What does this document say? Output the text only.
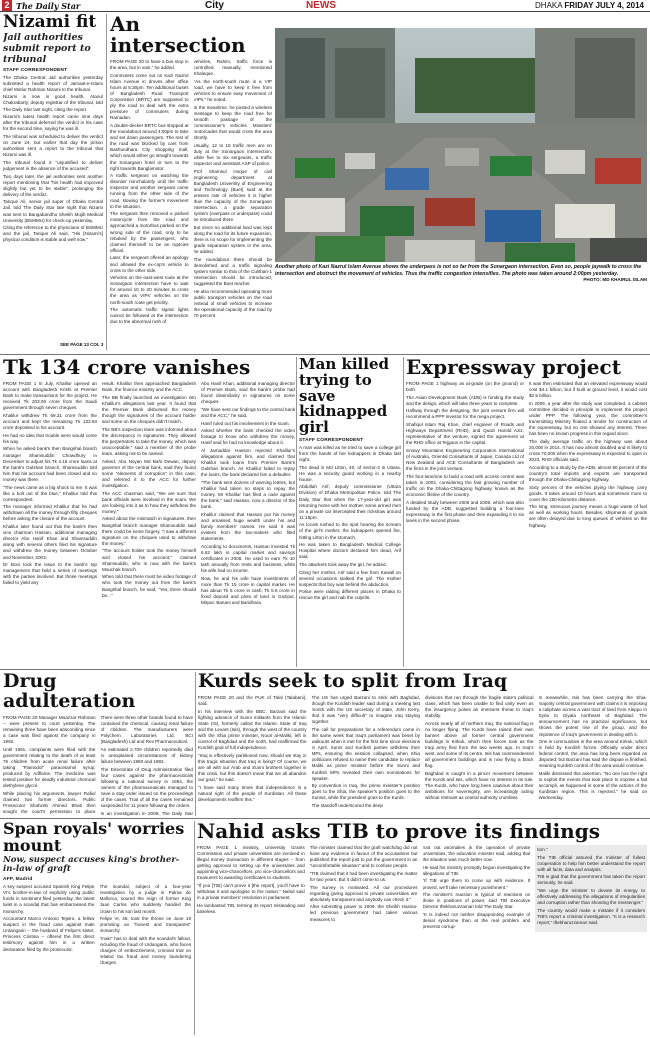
2 The Daily Star	City	NEWS	DHAKA FRIDAY JULY 4, 2014
Nizami fit
Jail authorities submit report to tribunal
STAFF CORRESPONDENT

The Dhaka Central Jail authorities yesterday submitted a health report of Jamaat-e-Islami chief Motiur Rahman Nizami to the tribunal.

Nizami is now in good health, Atanul Chakrabarty, deputy registrar of the tribunal, told The Daily Star last night, citing the report.

Nizami's latest health report came nine days after the tribunal deferred the verdict in his case for the second time, saying he was ill.

The tribunal was scheduled to deliver the verdict on June 24, but earlier that day the prison authorities sent a report to the tribunal that Nizami was ill.

The tribunal found it "unjustified to deliver judgement in the absence of the accused".

Two days later, the jail authorities sent another report mentioning that "his health had improved slightly but yet to be stable", prolonging the delivery of the verdict.

Tarique Ali, senior jail super of Dhaka Central Jail, told The Daily Star late night that Nizami was sent to Bangabandhu Sheikh Mujib Medical University (BSMMU) for check-up yesterday.

Citing the reference to the physicians of BSMMU and the jail, Tarique Ali said, "His [Nizami's] physical condition is stable and well now."

SEE PAGE 13 COL 3
An intersection

FROM PAGE 20 to have a bus stop in the area, but in vain," he added.

Commuters come out on Kazi Nazrul Islam Avenue in droves after office hours at 5:30pm. Ten additional buses of Bangladesh Road Transport Corporation (BRTC) are supposed to ply the road to deal with the extra pressure of commuters during Ramadan.

A double-decker BRTC bus stopped at the roundabout around 4:00pm to take and set down passengers. The rest of the road was blocked by cars from Bashundhara City shopping mall, which would either go straight towards the Sonargaon hotel or turn to the right towards Banglamotor.

A traffic sergeant on watching the disorder nonchalantly until the traffic inspector and another sergeant came running from the other side of the road, slowing the former's movement to the situation.

The sergeant then removed a parked motorcycle from the road and approached a motorbus parked on the wrong side of the road, only to be rebuked by the passengers, who claimed themself to be an ruptcies official.

Later, the sergeant offered an apology and allowed the ex-cop's vehicle to cross to the other side.

Vehicles on the east-west route at the Sonargaon intersection have to wait for around 10 to 20 minutes to cross the area as VIPs' vehicles on the north-south route get priority.

The automatic traffic signal lights cannot be followed at the intersection due to the abnormal rush of

vehicles, Rahim, traffic force is controlled manually, mentioned Khaleque.

"As the north-south route is a VIP road, we have to keep it free from vehicles to ensure easy movement of VIPs," he noted.

In the meantime, he posted a wireless message to keep the road free for smooth passage of the commissioner's vehicles. Ministers' motorcades that would cross the area shortly.

Usually, 12 to 15 traffic men are on duty at the Sonargaon intersection, while five to six sergeants, a traffic inspector and assistant ASP of police.

Prof Shamsul Hoque of civil engineering department at Bangladesh University of Engineering and Technology (Buet) said at the present rate of vehicles it is higher than the capacity of the Sonargaon intersection, a grade separation system (overpass or underpass) could be introduced there.

But since no additional land was kept along the road for its future expansion, there is no scope for implementing the grade separation system in the area, he added.

The roundabout there should be demolished and a traffic signaling system similar to that of the Culshan-1 intersection should be introduced, suggested the Buet teacher.

He also recommended operating more public transport vehicles on the road instead of small vehicles to increase the operational capacity of the road by 70 percent.

Another photo of Kazi Nazrul Islam Avenue shows the underpass is not so far from the Sonargaon intersection. Even so, people jaywalk to cross the intersection and obstruct the movement of vehicles. Thus the traffic congestion intensifies. The photo was taken around 2:00pm yesterday.
PHOTO: MD KHAIRUL ISLAM
Tk 134 crore vanishes

FROM PAGE 1 In July, Khalilur opened an account with Bangladesh Krishi at Premier Bank to make transactions for the project. He received Tk 203.06 crore from the Saudi government through seven cheques.

Khalilur withdrew Tk 69.31 crore from the account and kept the remaining Tk 133.93 crore deposited in his account.

He had no idea that trouble were would come his way.

When he asked bank's then Bangshal branch manager Shamsuddin Chowdhury in December to adjust his Tk 4.15 crore loans at the bank's Gulshan branch, Shamsuddin told him that his account had been closed and no money was there.

"The news came as a big shock to me. It was like a bolt out of the blue," Khalilur told this correspondent.

The manager informed Khalilur that he had withdrawn all the money through fifty cheques before asking the closure of the account.

Khalilur later found out that the bank's then vice chairman Hassan, additional managing director Abu Hanif Khan and Shamsuddin along with several others filed his signature and withdrew the money between October and November, 2003.

Dr Boni took the issue to the bank's top management that held a series of meetings with the parties involved. But those meetings failed to yield any

result. Khalilur then approached Bangladesh Bank, the finance ministry and the ACC.

The BB finally launched an investigation into Khalilur's allegations last year. It found that the Premier Bank disbursed the money though the signatures of the account holder and some on the cheques didn't match.

The BB's inspection team was informed about the discrepancy in signatures. They allowed the perpetrators to take the money, which was unacceptable," said a member of the probe team, asking not to be named.

Asked, Abu Noyan Md Bahi Dewan, deputy governor of the central bank, said they found some "elements of corruption" in this case, and referred it to the ACC for further investigation.

The ACC chairman said, "We are sure that bank officials were involved in the scam. We are looking into it as to how they withdrew the money."

Asked about the mismatch in signatures, then Bangshal branch manager Shamsuddin said there could be some forgery. "I saw a different signature on the cheques used to withdraw the money."

"The account holder took the money himself and closed his account," claimed Shamsuddin, who is now with the bank's Mouchak branch.

When told that there must be video footage of who took the money out from the bank's Bangshal branch, he said, "Yes, there should be..."

Abu Hanif Khan, additional managing director of Premier Bank, said the bank's probe had found dissimilarity in signatures on some cheques.

"We have sent our findings to the central bank and the ACC," he said.

Hanif ruled out his involvement in the scam.

Asked whether the bank checked the video footage to know who withdrew the money, Hanif said he had no knowledge about it.

Al Jamaddar Hasson rejected Khalilur's allegations against him, and claimed that Khalilur took loans from Premier Bank's Gulshan branch. As Khalilur failed to repay the loans, the bank declared him a defaulter.

"The bank sent dozens of warning letters, but Khalilur had taken no steps to repay the money. Mr Khalilur has filed a case against the bank," said Hassan, now a director of the bank.

Khalilur claimed that Hassan put his money and amassed huge wealth under his and family members' names. He said it was evident from the tax-makers who filed statements.

According to documents, Hassan invested Tk 6.62 lakh in capital market and savings certificates in 2008. He used to earn Tk 10 lakh annually from rents and business, while his wife had no income.

Now, he and his wife have investments of more than Tk 15 crore in capital market. He has about Tk 5 crore in cash, Tk 5.6 crore in fixed deposit and plots of land in Gazipur, Mirpur, Banani and Baridhara.

Man killed trying to save kidnapped girl
STAFF CORRESPONDENT

A man was killed as he tried to save a college girl from the hands of her kidnappers in Dhaka last night.

The dead is Md Litton, 40, of sector-3 in Uttara. He was a security guard working in a nearby house.

Abdullah Arif, deputy commissioner (Uttara Division) of Dhaka Metropolitan Police, told The Daily Star that when the 17-year-old girl was returning home with her mother, some armed men on a private car intercepted their rickshaw around 11:15pm.

As locals rushed to the spot hearing the scream of the girl's mother, the kidnappers opened fire, hitting Litton in the stomach.

He was taken to Bangladesh Medical College Hospital where doctors declared him dead, Arif said.

The attackers took away the girl, he added.

Citing her mother, Arif said a few from Kawall on several occasions stalked the girl. The mother suspects that boy was behind the abduction.

Police were raiding different places in Dhaka to rescue the girl and nab the culprits.

Expressway project

FROM PAGE 1 highway as at-grade (on the ground) or both.

The Asian Development Bank (ADB) is funding the study and the design, which will take three years to complete.

Halfway through the designing, the joint venture firm will recommend a PPP investor for the mega project.

Shafiqul Islam Raj Khan, chief engineer of Roads and Highways Department (RHD), and Quazi Harold Aziz, representative of the venture, signed the agreement at the RHD office at Tejgaon in the capital.

Snowy Mountains Engineering Corporation International of Australia, Oriental Consultants of Japan, Canada Ltd of New Zealand and ACE Consultants of Bangladesh are the firms in the joint venture.

The four-lane/one to build a road with access control was taken in 2004, considering the fast growing number of traffic on the Dhaka-Chittagong highway, known as the economic lifeline of the country.

A detailed study between 2006 and 2008, which was also funded by the ADB, suggested building a four-lane expressway in the first phase and then expanding it to six lanes in the second phase.

It was then estimated that an elevated expressway would cost $4.1 billion, but if built at ground level, it would cost $2.5 billion.

In 2009, a year after the study was completed, a cabinet committee decided in principle to implement the project under PPP. The following year, the committee's transmitting Ministry floated a tender for construction of the expressway, but no one showed any interest. There has been no known progress in this regard since.

The daily average traffic on the highway was about 20,000 in 2014. It has now almost doubled and is likely to cross 70,000 when the expressway is expected to open in 2023, RHD officials said.

According to a study by the ADB, almost 90 percent of the country's total imports and exports are transported through the Dhaka-Chittagong highway.

Sixty percent of the vehicles plying the highway carry goods. It takes around 10 hours and sometimes more to cover the 250-kilometre distance.

The long, strenuous journey means a huge waste of fuel as well as working hours. Besides, shipments of goods are often delayed due to long queues of vehicles on the highway.

Drug adulteration

FROM PAGE 20 Manager Moazzar Rahman -- were present to court yesterday. The remaining three have been absconding since a case was filed against the company in 1992.

Until 1991, complaints were filed with the government relating to the death of at least 76 children from acute renal failure after taking "Flamodol" paracetamol syrup, produced by Adflame. The medicine was tested positive for deadly industrial chemical diethylene glycol.

While placing his arguments, lawyer Rafiul claimed two former directors, Public Prosecutor Shahzeb Ahmed Bhati then sought the court's permission to place

There were three other brands found to have contained the chemical, causing renal failure of children. The manufacturers were Polychem Laboratories Ltd, BCI (Bangladesh) Ltd and Rex Pharmaceutical.

An estimated 2,700 children reportedly died in unexplained circumstances of kidney failure between 1980 and 1992.

The Directorate of Drug Administration filed four cases against the pharmaceuticals following a national survey in 1994, the owners of the pharmaceuticals managed to have a stay order issued on the proceedings of the cases. Trial of all the cases remained suspended for 11 years following the orders.

In an investigation in 2009, The Daily Star

Kurds seek to split from Iraq

FROM PAGE 20 and the PUK of Talal (Talabani), said.

In his interview with the BBC, Barzani said the fighting advance of Sunni militants from the Islamic State (IS), formerly called the Islamic State of Iraq and the Levant (Isis), through the west of the country with the Shia prime minister, Nouri al-Maliki, left in control of Baghdad and the north, had reaffirmed the Kurdish goal of full independence.

"Iraq is effectively partitioned now; should we stay in this tragic situation that Iraq is living? Of course, we are all with our Arab and Sunni brothers together in this crisis, but this doesn't mean that we all abandon our goal," he said.

"I have said many times that independence is a natural right of the people of Kurdistan. All these developments reaffirm this."

The US has urged Barzani to stick with Baghdad, though the Kurdish leader said during a meeting last month with the US secretary of state, John Kerry, that it was "very difficult" to imagine Iraq staying together.

The call for preparations for a referendum came in the same week that Iraq's parliament was beset by walkouts when it met for the first time since elections in April. Sunni and Kurdish parties withdrew their MPs, ensuring the session collapsed, when Shia politicians refused to name their candidate to replace Maliki as prime minister before the Sunni and Kurdish MPs revealed their own nominations for speaker.

By convention in Iraq, the prime minister's position goes to the Shia, the speaker's position goes to the Sunnis, while the president goes to the Kurds.

The standoff underscored the deep

divisions that run through the fragile state's political class, which has been unable to find unity even as the insurgency poses an imminent threat to Iraq's stability.

Across nearly all of northern Iraq, the national flag is no longer flying. The Kurds have raised their own banner above all former central government buildings in Kirkuk, which their forces took as the Iraqi army fled from the two weeks ago. In Iraq's west, and some of its centre, Isis has commandeered all government buildings and is now flying a black flag.

Baghdad is caught in a pincer movement between the Kurds and Isis, which have no interest in its rule. The Kurds, who have long been cautious about their ambitions for sovereignty, are increasingly acting without restraint as central authority crumbles.

In meanwhile, Isis has been carrying the Shia-majority central government with claims it is imposing a caliphate across a vast tract of land from Aleppo in Syria to Diyala northeast of Baghdad. The announcement has no practical significance, but shows the potent rise of the group, and the impotence of Iraq's government in dealing with it.

One in communities in the area around Kirkuk, which is held by Kurdish forces. Officially under direct federal control, the area has long been regarded as disputed, but Barzani has said the dispute is finished, meaning Kurdish control of the area would continue.

Maliki dismissed this assertion. "No one has the right to exploit the events that took place to impose a fait accompli, as happened in some of the actions of the Kurdistan region. This is rejected," he said on Wednesday.

Span royals' worries mount
Now, suspect accuses king's brother-in-law of graft
AFP, Madrid

A key suspect accused Spanish King Felipe VI's brother-in-law of explicitly using public funds in sentiment filed yesterday, the latest twist in a scandal that has embarrassed the monarchy.

Accountant Marco Antonio Tejeiro, a fellow suspect in the fraud case against Inaki Urdangarin -- the husband of Felipe's sister, Princess Cristina -- offered the first direct testimony against him in a written declaration filed by the prosecutor.

The scandal, subject of a four-year investigation by a judge in Palma de Mallorca, soured the reign of former King Juan Carlos who suddenly handed the crown to his son last month.

Felipe VI, 46, took the throne on June 19 promising an "honest and transparent" monarchy.

"Inaki" has to deal with the scandal's fallout, including the fraud of Urdangarin, who faces charges of embezzlement, criminal trial on related tax fraud and money laundering charges.

Nahid asks TIB to prove its findings

FROM PAGE 1 ministry, University Grants Commission and private universities are involved in illegal money transaction in different stages -- from getting approval to setting up the universities and appointing vice-chancellors, pro vice-chancellors and treasurers to awarding certificates to students.

"If you [TIB] can't prove it [the report], you'll have to withdraw it and apologise to the nation," Nahid said in a private members' resolution in parliament.

He lambasted TIB, terming its report misleading and baseless.

The minister claimed that the graft watchdog did not have any evidence in favour of the accusations but published the report just to put the government in an "uncomfortable situation" and to confuse people.

"TIB claimed that it had been investigating the matter for two years. But it didn't come to us.

The survey is motivated. All our procedures regarding giving approval to private universities are absolutely transparent and anybody can check it."

After submitting power to 2009, the Sheikh Hasina-led previous government had taken various measures to

root out anomalies in the operation of private universities, the education minister said, adding that the situation was much better now.

He said his ministry promptly began investigating the allegations of TIB.

"If TIB urge them to come up with evidence. If proved, we'll take necessary punishment."

The minister's reaction is typical of reactions on those in positions of power, said TIB Executive Director Iftekharuzzaman told The Daily Star.

"It is indeed not neither disappointing example of denial syndrome than at the real problem and prevents corrup-

tion."

The TIB official assured the minister of fullest cooperation to help him better understand the report with all facts, data and analysis.

TIB is glad that the government has taken the report seriously, he said.

"We urge the minister to devote its energy to effectively addressing the allegations of irregularities and corruption rather than shooting the messenger."

The country would make a mistake if it considers TIB's report a criminal investigation. "It is a research report," Iftekharuzzaman said.
